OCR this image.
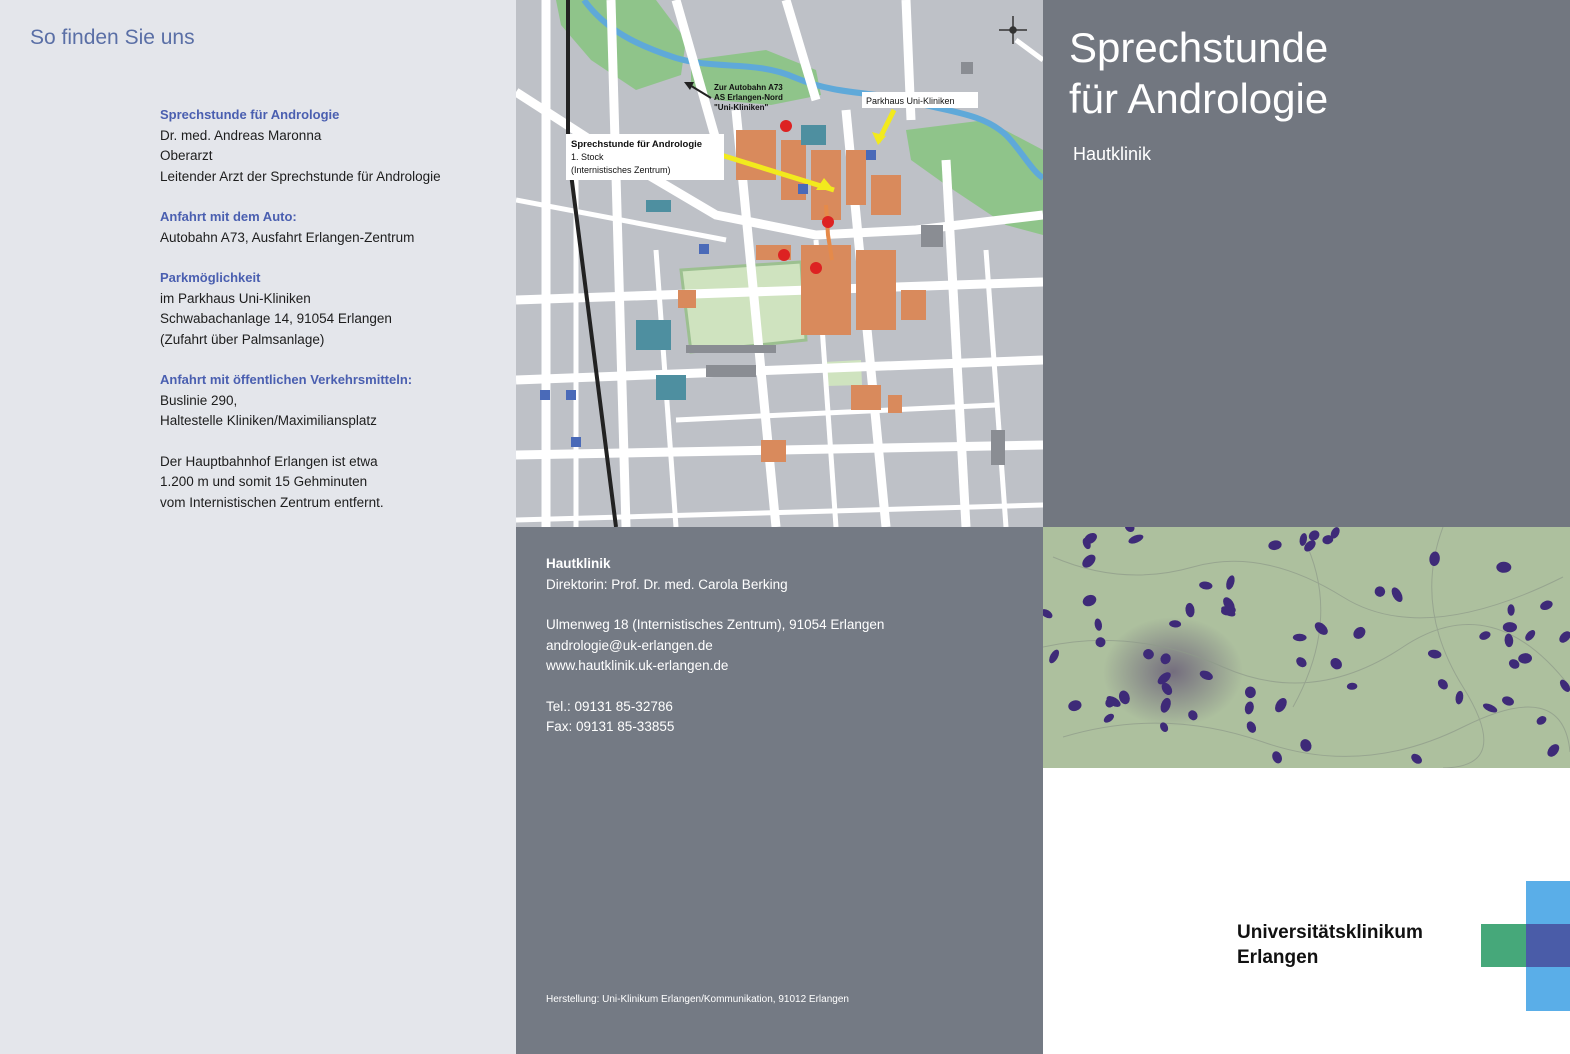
So finden Sie uns
Sprechstunde für Andrologie
Dr. med. Andreas Maronna
Oberarzt
Leitender Arzt der Sprechstunde für Andrologie
Anfahrt mit dem Auto:
Autobahn A73, Ausfahrt Erlangen-Zentrum
Parkmöglichkeit
im Parkhaus Uni-Kliniken
Schwabachanlage 14, 91054 Erlangen
(Zufahrt über Palmsanlage)
Anfahrt mit öffentlichen Verkehrsmitteln:
Buslinie 290,
Haltestelle Kliniken/Maximiliansplatz
Der Hauptbahnhof Erlangen ist etwa
1.200 m und somit 15 Gehminuten
vom Internistischen Zentrum entfernt.
Sprechstunde für Andrologie
1. Stock
(Internistisches Zentrum)
Parkhaus Uni-Kliniken
Zur Autobahn A73
AS Erlangen-Nord
"Uni-Kliniken"
Hautklinik
Direktorin: Prof. Dr. med. Carola Berking
Ulmenweg 18 (Internistisches Zentrum), 91054 Erlangen
andrologie@uk-erlangen.de
www.hautklinik.uk-erlangen.de
Tel.: 09131 85-32786
Fax: 09131 85-33855
Herstellung: Uni-Klinikum Erlangen/Kommunikation, 91012 Erlangen
Sprechstunde
für Andrologie
Hautklinik
Universitätsklinikum
Erlangen
